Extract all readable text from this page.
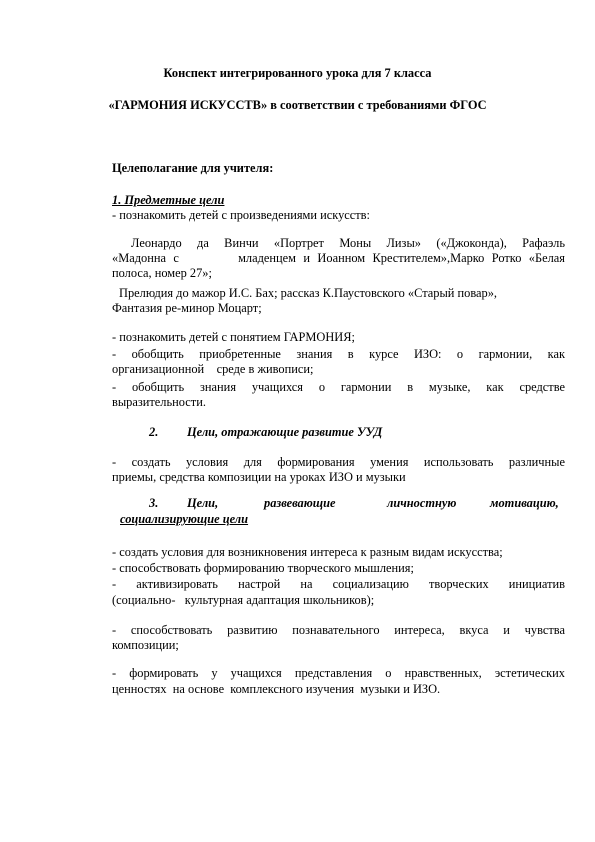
Конспект интегрированного урока для 7 класса
«ГАРМОНИЯ ИСКУССТВ» в соответствии с требованиями ФГОС
Целеполагание для учителя:
1. Предметные цели
- познакомить детей с произведениями искусств:
Леонардо да Винчи «Портрет Моны Лизы» («Джоконда), Рафаэль
«Мадонна с        младенцем и Иоанном Крестителем»,Марко Ротко «Белая
полоса, номер 27»;
Прелюдия до мажор И.С. Бах; рассказ К.Паустовского «Старый повар»,
Фантазия ре-минор Моцарт;
- познакомить детей с понятием ГАРМОНИЯ;
- обобщить приобретенные знания в курсе ИЗО: о гармонии, как
организационной    среде в живописи;
- обобщить знания учащихся о гармонии в музыке, как средстве
выразительности.
2. Цели, отражающие развитие УУД
- создать условия для формирования умения использовать различные
приемы, средства композиции на уроках ИЗО и музыки
3. Цели,	развевающие	личностную	мотивацию,
социализирующие цели
- создать условия для возникновения интереса к разным видам искусства;
- способствовать формированию творческого мышления;
-  активизировать  настрой  на  социализацию  творческих  инициатив
(социально-   культурная адаптация школьников);
- способствовать развитию познавательного интереса, вкуса и чувства
композиции;
- формировать у учащихся представления о нравственных, эстетических
ценностях  на основе  комплексного изучения  музыки и ИЗО.
